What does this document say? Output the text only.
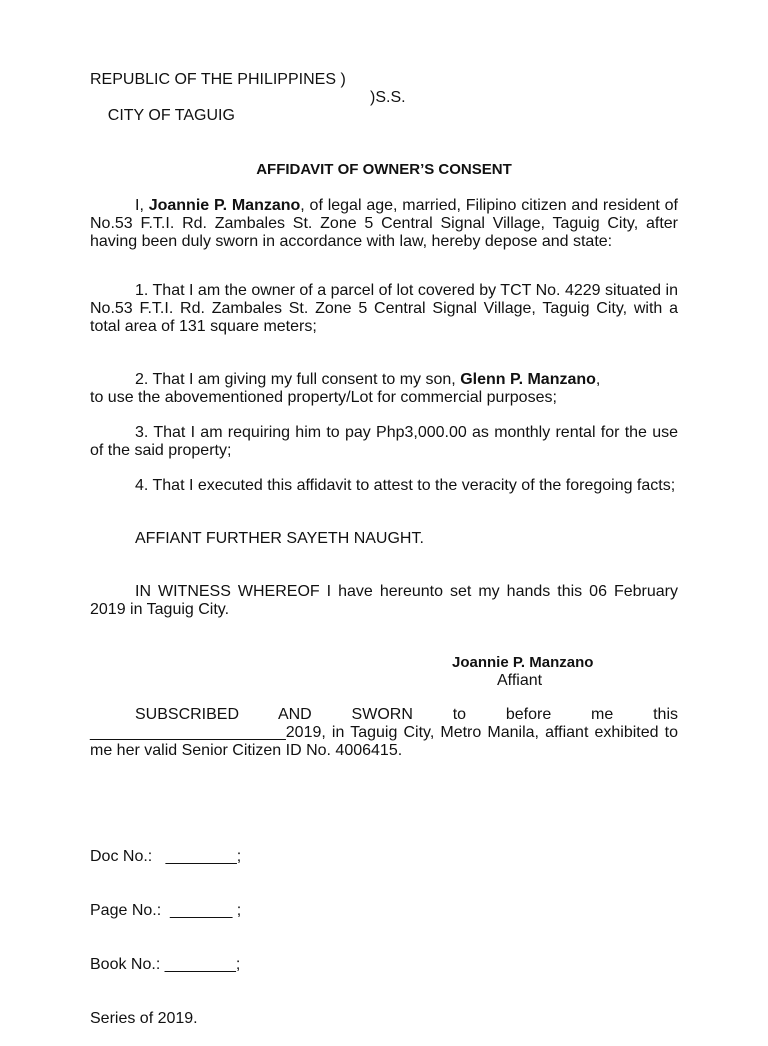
REPUBLIC OF THE PHILIPPINES )

CITY OF TAGUIG

)S.S.

AFFIDAVIT OF OWNER’S CONSENT
I, Joannie P. Manzano, of legal age, married, Filipino citizen and resident of No.53 F.T.I. Rd. Zambales St. Zone 5 Central Signal Village, Taguig City, after having been duly sworn in accordance with law, hereby depose and state:
1. That I am the owner of a parcel of lot covered by TCT No. 4229 situated in No.53 F.T.I. Rd. Zambales St. Zone 5 Central Signal Village, Taguig City, with a total area of 131 square meters;
2. That I am giving my full consent to my son, Glenn P. Manzano,
to use the abovementioned property/Lot for commercial purposes;
3. That I am requiring him to pay Php3,000.00 as monthly rental for the use of the said property;
4. That I executed this affidavit to attest to the veracity of the foregoing facts;
AFFIANT FURTHER SAYETH NAUGHT.
IN WITNESS WHEREOF I have hereunto set my hands this 06 February 2019 in Taguig City.
Joannie P. Manzano
Affiant
SUBSCRIBED AND SWORN to before me this ______________________2019, in Taguig City, Metro Manila, affiant exhibited to me her valid Senior Citizen ID No. 4006415.

Doc No.:   ________;

Page No.:  _______ ;

Book No.: ________;

Series of 2019.
